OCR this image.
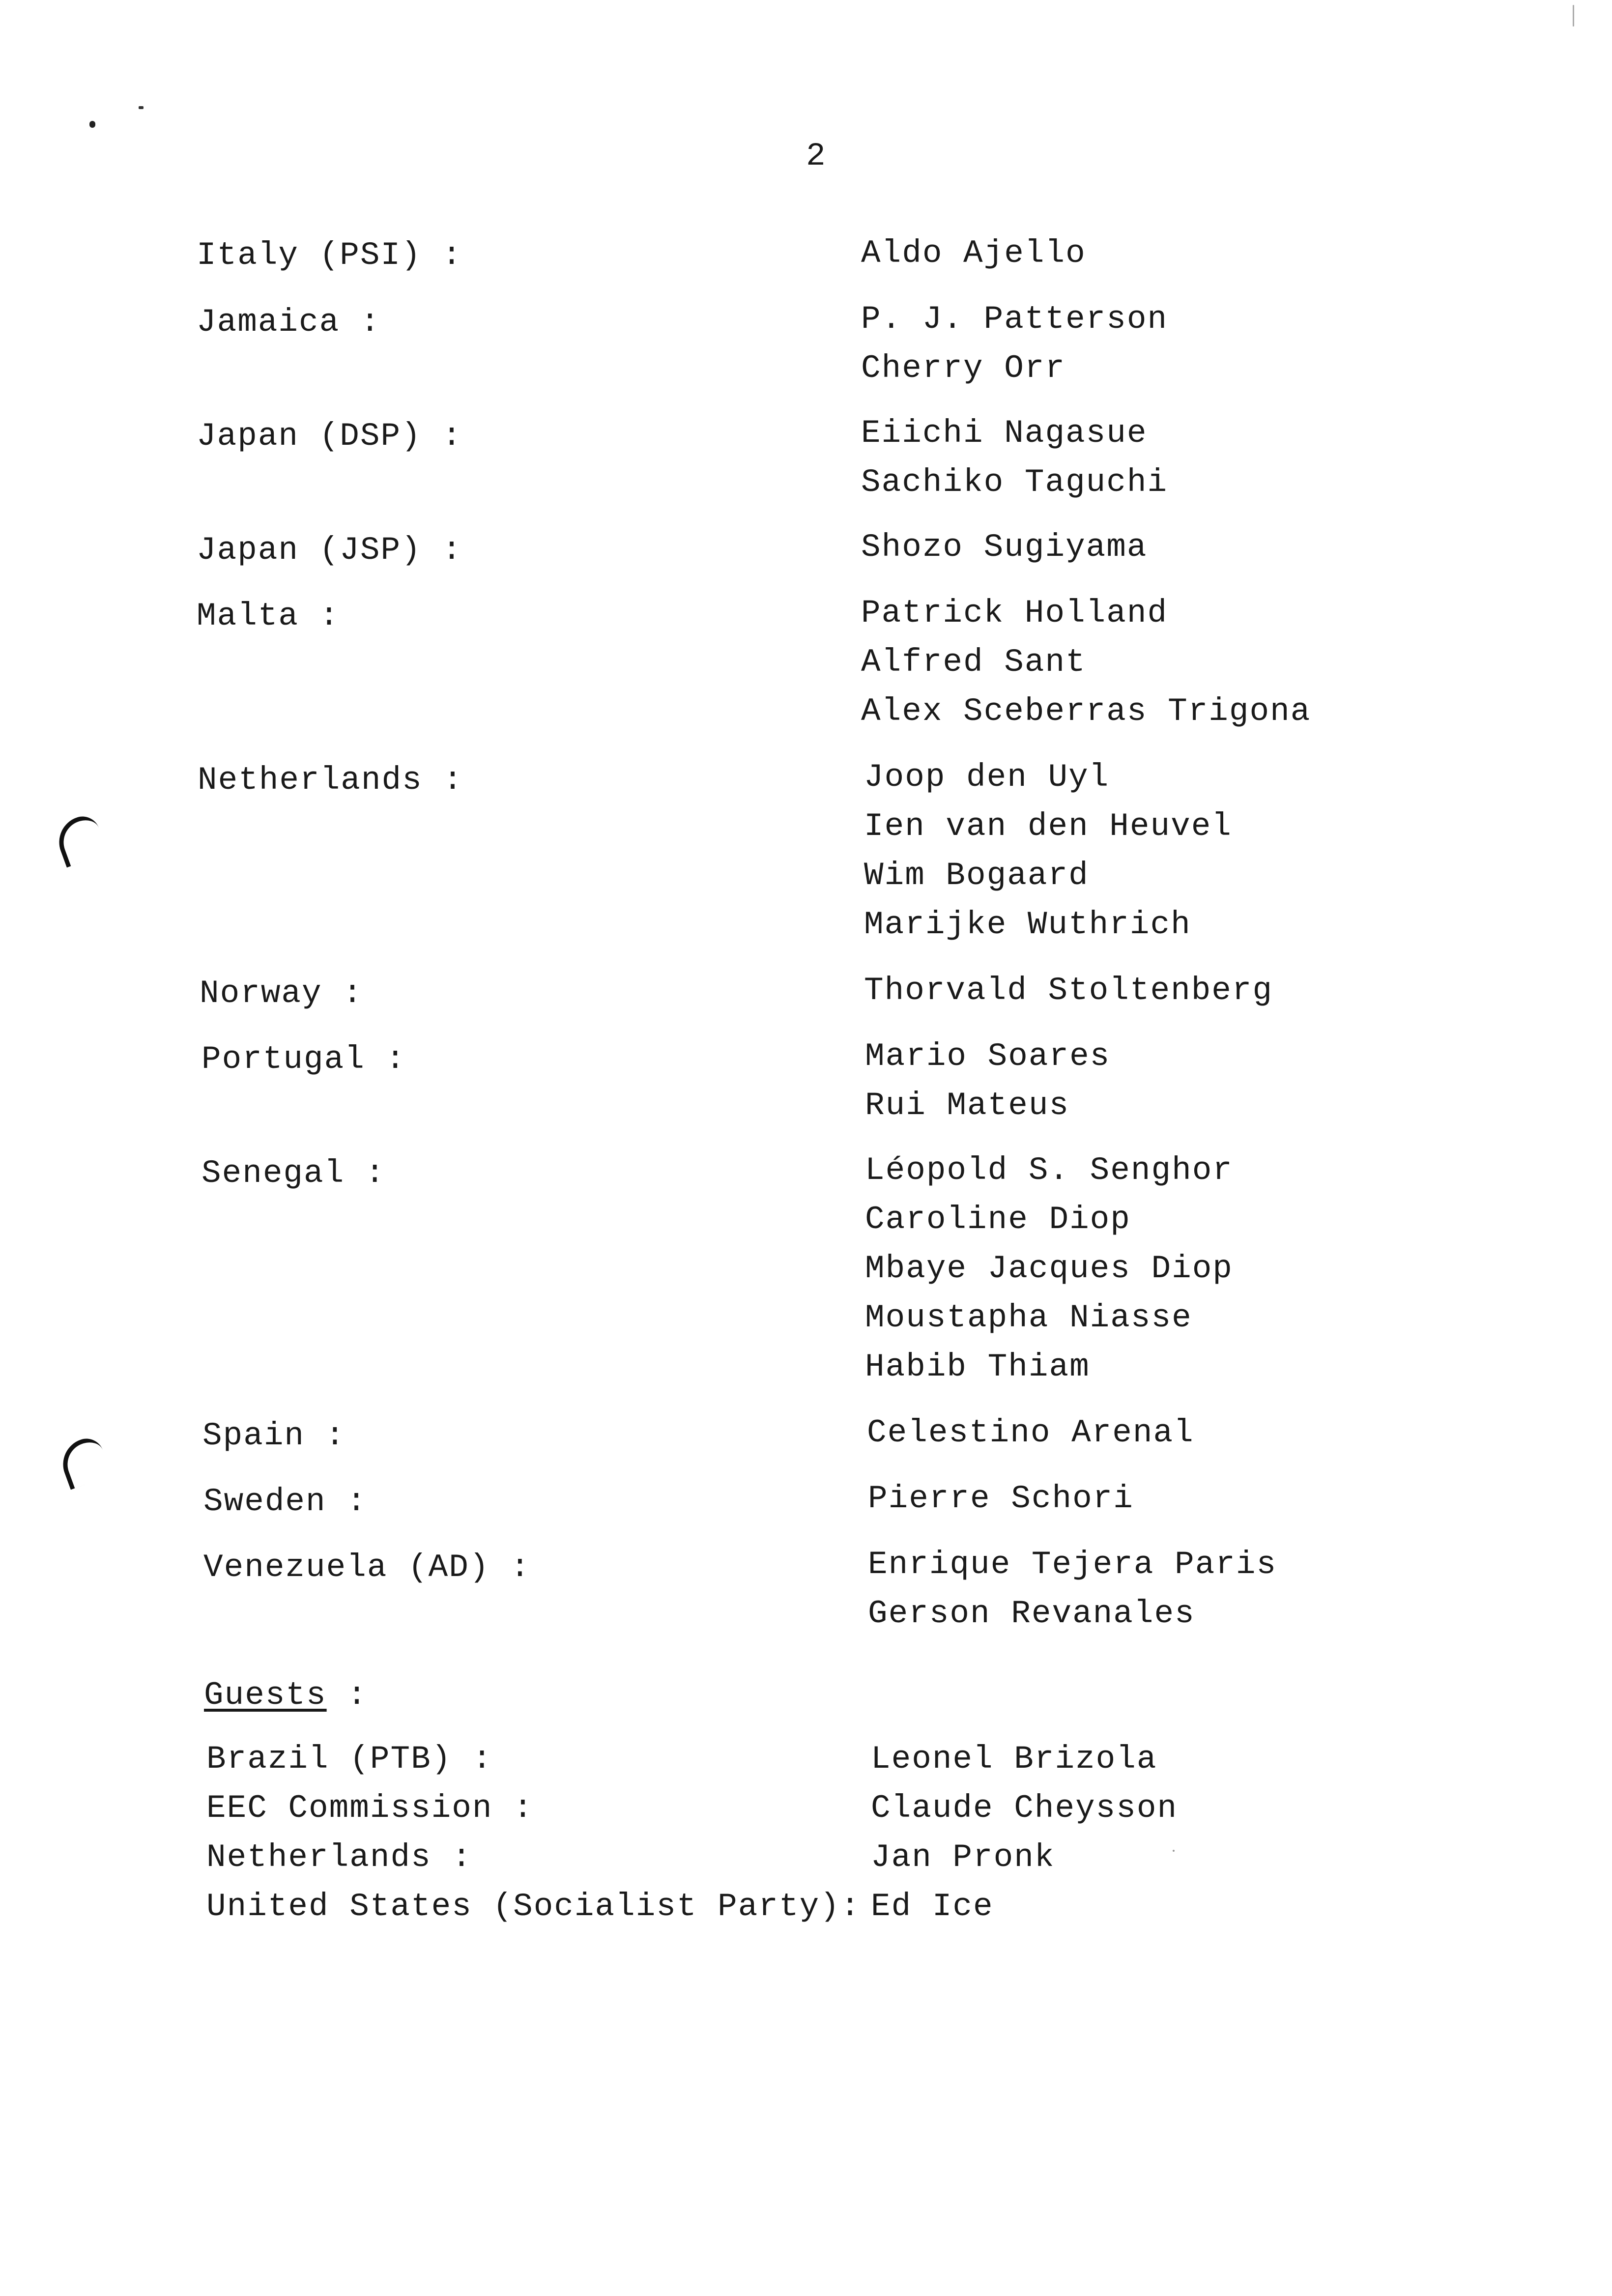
2
Italy (PSI) :	Aldo Ajello
Jamaica :	P. J. Patterson
Cherry Orr
Japan (DSP) :	Eiichi Nagasue
Sachiko Taguchi
Japan (JSP) :	Shozo Sugiyama
Malta :	Patrick Holland
Alfred Sant
Alex Sceberras Trigona
Netherlands :	Joop den Uyl
Ien van den Heuvel
Wim Bogaard
Marijke Wuthrich
Norway :	Thorvald Stoltenberg
Portugal :	Mario Soares
Rui Mateus
Senegal :	Léopold S. Senghor
Caroline Diop
Mbaye Jacques Diop
Moustapha Niasse
Habib Thiam
Spain :	Celestino Arenal
Sweden :	Pierre Schori
Venezuela (AD) :	Enrique Tejera Paris
Gerson Revanales
Guests :
Brazil (PTB) :	Leonel Brizola
EEC Commission :	Claude Cheysson
Netherlands :	Jan Pronk
United States (Socialist Party): Ed Ice
